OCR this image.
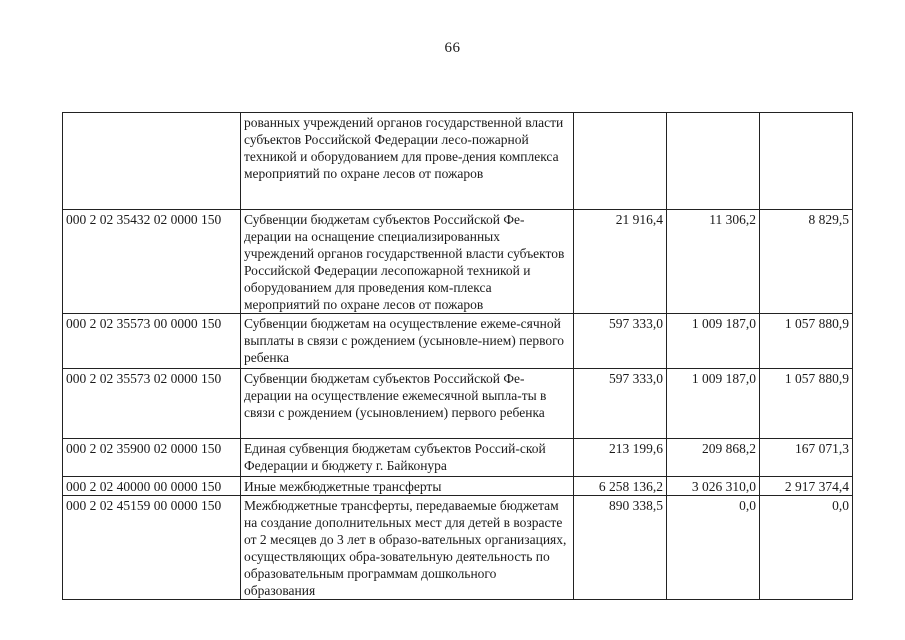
66
	рованных учреждений органов государственной власти субъектов Российской Федерации лесо-пожарной техникой и оборудованием для прове-дения комплекса мероприятий по охране лесов от пожаров			
000 2 02 35432 02 0000 150	Субвенции бюджетам субъектов Российской Фе-дерации на оснащение специализированных учреждений органов государственной власти субъектов Российской Федерации лесопожарной техникой и оборудованием для проведения ком-плекса мероприятий по охране лесов от пожаров	21 916,4	11 306,2	8 829,5
000 2 02 35573 00 0000 150	Субвенции бюджетам на осуществление ежеме-сячной выплаты в связи с рождением (усыновле-нием) первого ребенка	597 333,0	1 009 187,0	1 057 880,9
000 2 02 35573 02 0000 150	Субвенции бюджетам субъектов Российской Фе-дерации на осуществление ежемесячной выпла-ты в связи с рождением (усыновлением) первого ребенка	597 333,0	1 009 187,0	1 057 880,9
000 2 02 35900 02 0000 150	Единая субвенция бюджетам субъектов Россий-ской Федерации и бюджету г. Байконура	213 199,6	209 868,2	167 071,3
000 2 02 40000 00 0000 150	Иные межбюджетные трансферты	6 258 136,2	3 026 310,0	2 917 374,4
000 2 02 45159 00 0000 150	Межбюджетные трансферты, передаваемые бюджетам на создание дополнительных мест для детей в возрасте от 2 месяцев до 3 лет в образо-вательных организациях, осуществляющих обра-зовательную деятельность по образовательным программам дошкольного образования	890 338,5	0,0	0,0
